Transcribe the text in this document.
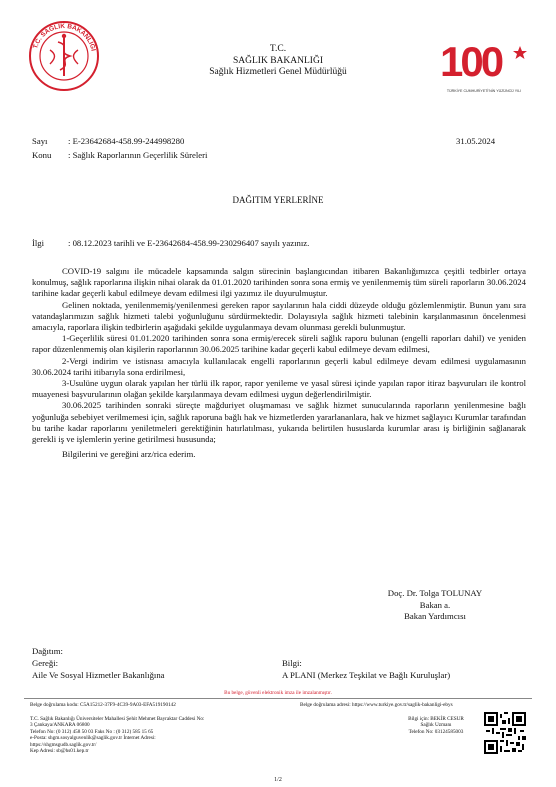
T.C. SAĞLIK BAKANLIĞI	T.C.
SAĞLIK BAKANLIĞI
Sağlık Hizmetleri Genel Müdürlüğü	100
TÜRKİYE CUMHURİYETİ'NİN YÜZÜNCÜ YILI
Sayı : E-23642684-458.99-244998280	31.05.2024
Konu : Sağlık Raporlarının Geçerlilik Süreleri
DAĞITIM YERLERİNE
İlgi	: 08.12.2023 tarihli ve E-23642684-458.99-230296407 sayılı yazınız.

COVID-19 salgını ile mücadele kapsamında salgın sürecinin başlangıcından itibaren Bakanlığımızca çeşitli tedbirler ortaya konulmuş, sağlık raporlarına ilişkin nihai olarak da 01.01.2020 tarihinden sonra sona ermiş ve yenilenmemiş tüm süreli raporların 30.06.2024 tarihine kadar geçerli kabul edilmeye devam edilmesi ilgi yazımız ile duyurulmuştur.

Gelinen noktada, yenilenmemiş/yenilenmesi gereken rapor sayılarının hala ciddi düzeyde olduğu gözlemlenmiştir. Bunun yanı sıra vatandaşlarımızın sağlık hizmeti talebi yoğunluğunu sürdürmektedir. Dolayısıyla sağlık hizmeti talebinin karşılanmasının öncelenmesi amacıyla, raporlara ilişkin tedbirlerin aşağıdaki şekilde uygulanmaya devam olunması gerekli bulunmuştur.

1-Geçerlilik süresi 01.01.2020 tarihinden sonra sona ermiş/erecek süreli sağlık raporu bulunan (engelli raporları dahil) ve yeniden rapor düzenlenmemiş olan kişilerin raporlarının 30.06.2025 tarihine kadar geçerli kabul edilmeye devam edilmesi,

2-Vergi indirim ve istisnası amacıyla kullanılacak engelli raporlarının geçerli kabul edilmeye devam edilmesi uygulamasının 30.06.2024 tarihi itibarıyla sona erdirilmesi,

3-Usulüne uygun olarak yapılan her türlü ilk rapor, rapor yenileme ve yasal süresi içinde yapılan rapor itiraz başvuruları ile kontrol muayenesi başvurularının olağan şekilde karşılanmaya devam edilmesi uygun değerlendirilmiştir.

30.06.2025 tarihinden sonraki süreçte mağduriyet oluşmaması ve sağlık hizmet sunucularında raporların yenilenmesine bağlı yoğunluğa sebebiyet verilmemesi için, sağlık raporuna bağlı hak ve hizmetlerden yararlananlara, hak ve hizmet sağlayıcı Kurumlar tarafından bu tarihe kadar raporlarını yeniletmeleri gerektiğinin hatırlatılması, yukarıda belirtilen hususlarda kurumlar arası iş birliğinin sağlanarak gerekli iş ve işlemlerin yerine getirilmesi hususunda;

Bilgilerini ve gereğini arz/rica ederim.

Doç. Dr. Tolga TOLUNAY
Bakan a.
Bakan Yardımcısı
Dağıtım:
Gereği:
Aile Ve Sosyal Hizmetler Bakanlığına
Bilgi:
A PLANI (Merkez Teşkilat ve Bağlı Kuruluşlar)
Bu belge, güvenli elektronik imza ile imzalanmıştır.
Belge doğrulama kodu: C5A15212-37F9-4C39-9A03-EFA519190142	Belge doğrulama adresi: https://www.turkiye.gov.tr/saglik-bakanligi-ebys
T.C. Sağlık Bakanlığı Üniversiteler Mahallesi Şehit Mehmet Bayraktar Caddesi No:
3 Çankaya/ANKARA 06800
Telefon No: (0 312) 458 50 03 Faks No : (0 312) 585 15 65
e-Posta: shgm.sosyalguvenlik@saglik.gov.tr İnternet Adresi:
https://shgmsgudb.saglik.gov.tr/
Kep Adresi: sb@hs01.kep.tr
Bilgi için: BEKİR CESUR
Sağlık Uzmanı
Telefon No: 03124585003
1/2
